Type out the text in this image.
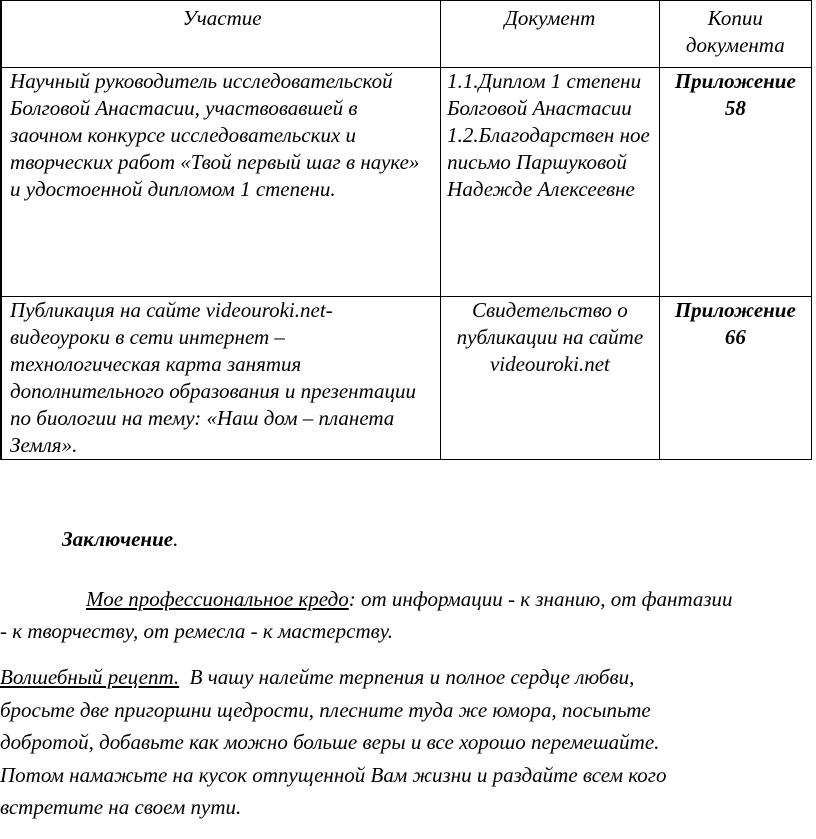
	Участие	Документ	Копии документа

	Научный руководитель исследовательской Болговой Анастасии, участвовавшей в заочном конкурсе исследовательских и творческих работ «Твой первый шаг в науке» и удостоенной дипломом 1 степени.	1.1.Диплом 1 степени Болговой Анастасии 1.2.Благодарствен ное письмо Паршуковой Надежде Алексеевне	Приложение 58
	Публикация на сайте videouroki.net- видеоуроки в сети интернет – технологическая карта занятия дополнительного образования и презентации по биологии на тему: «Наш дом – планета Земля».	Свидетельство о публикации на сайте videouroki.net	Приложение 66
Заключение.
Мое профессиональное кредо: от информации - к знанию, от фантазии
- к творчеству, от ремесла - к мастерству.
Волшебный рецепт.  В чашу налейте терпения и полное сердце любви,
бросьте две пригоршни щедрости, плесните туда же юмора, посыпьте
добротой, добавьте как можно больше веры и все хорошо перемешайте.
Потом намажьте на кусок отпущенной Вам жизни и раздайте всем кого
встретите на своем пути.
